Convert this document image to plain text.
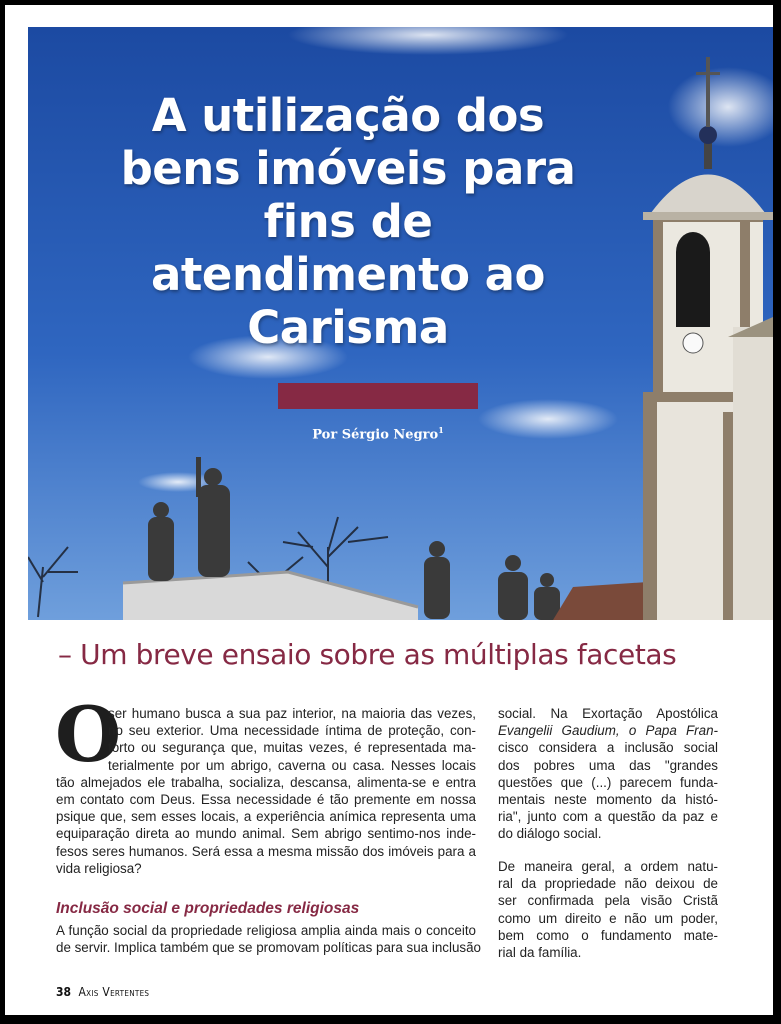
A utilização dos bens imóveis para fins de atendimento ao Carisma
Por Sérgio Negro$^1$
– Um breve ensaio sobre as múltiplas facetas
O
ser humano busca a sua paz interior, na maioria das vezes,
no seu exterior. Uma necessidade íntima de proteção, con-
forto ou segurança que, muitas vezes, é representada ma-
terialmente por um abrigo, caverna ou casa. Nesses locais
tão almejados ele trabalha, socializa, descansa, alimenta-se e entra
em contato com Deus. Essa necessidade é tão premente em nossa
psique que, sem esses locais, a experiência anímica representa uma
equiparação direta ao mundo animal. Sem abrigo sentimo-nos inde-
fesos seres humanos. Será essa a mesma missão dos imóveis para a
vida religiosa?
Inclusão social e propriedades religiosas
A função social da propriedade religiosa amplia ainda mais o conceito
de servir. Implica também que se promovam políticas para sua inclusão
social. Na Exortação Apostólica
Evangelii Gaudium, o Papa Fran-
cisco considera a inclusão social
dos pobres uma das "grandes
questões que (...) parecem funda-
mentais neste momento da histó-
ria", junto com a questão da paz e
do diálogo social.
De maneira geral, a ordem natu-
ral da propriedade não deixou de
ser confirmada pela visão Cristã
como um direito e não um poder,
bem como o fundamento mate-
rial da família.
38 Axis Vertentes
